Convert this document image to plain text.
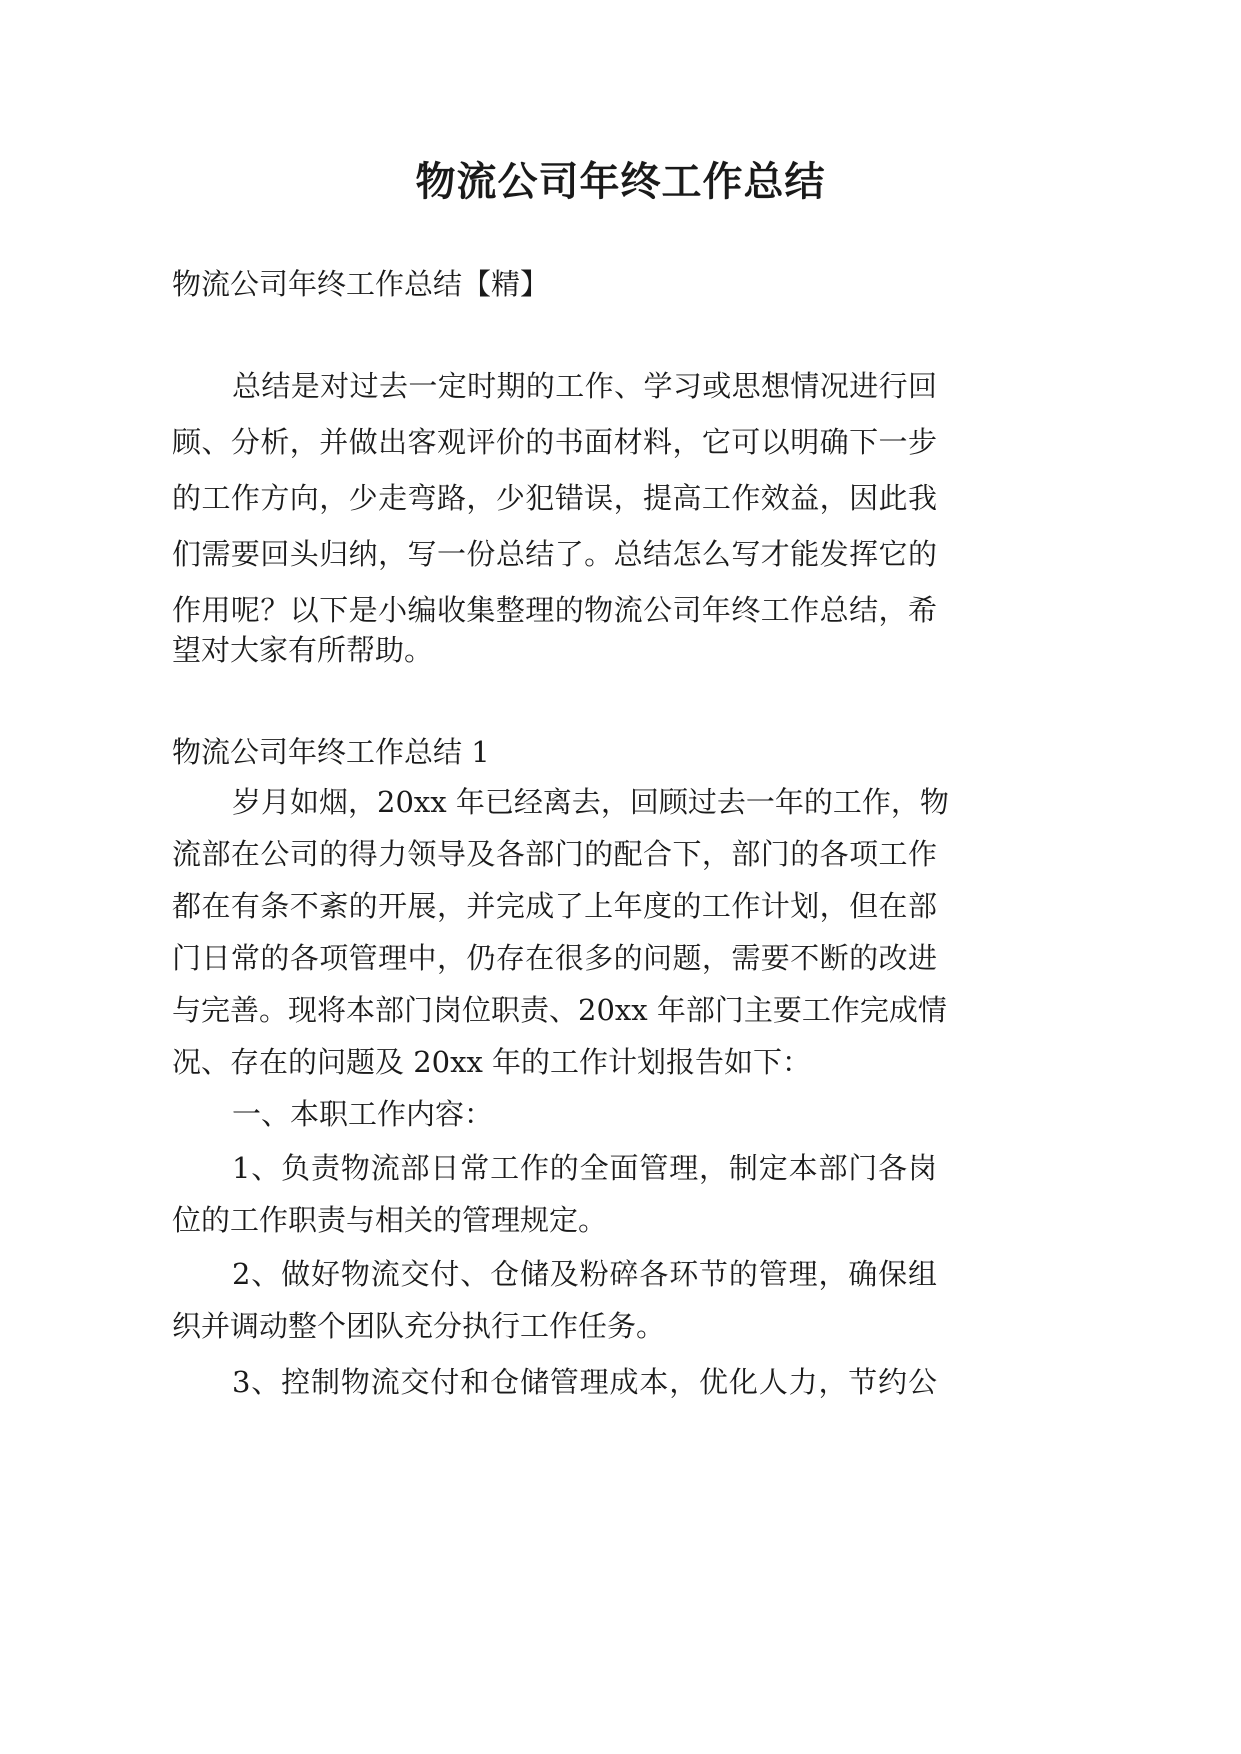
物流公司年终工作总结

物流公司年终工作总结【精】

总结是对过去一定时期的工作、学习或思想情况进行回

顾、分析，并做出客观评价的书面材料，它可以明确下一步

的工作方向，少走弯路，少犯错误，提高工作效益，因此我

们需要回头归纳，写一份总结了。总结怎么写才能发挥它的

作用呢？以下是小编收集整理的物流公司年终工作总结，希

望对大家有所帮助。

物流公司年终工作总结 1

岁月如烟，20xx 年已经离去，回顾过去一年的工作，物

流部在公司的得力领导及各部门的配合下，部门的各项工作

都在有条不紊的开展，并完成了上年度的工作计划，但在部

门日常的各项管理中，仍存在很多的问题，需要不断的改进

与完善。现将本部门岗位职责、20xx 年部门主要工作完成情

况、存在的问题及 20xx 年的工作计划报告如下：

一、本职工作内容：

1、负责物流部日常工作的全面管理，制定本部门各岗

位的工作职责与相关的管理规定。

2、做好物流交付、仓储及粉碎各环节的管理，确保组

织并调动整个团队充分执行工作任务。

3、控制物流交付和仓储管理成本，优化人力，节约公
